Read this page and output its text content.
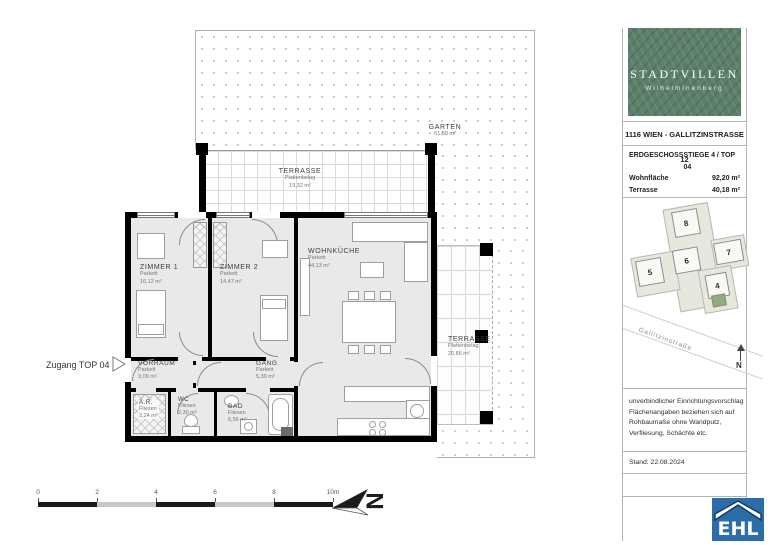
ZIMMER 1
Parkett
16,12 m²
ZIMMER 2
Parkett
14,47 m²
WOHNKÜCHE
Parkett
44,13 m²
VORRAUM
Parkett
3,09 m²
GANG
Parkett
5,39 m²
A.R.
Fliesen
2,24 m²
WC
Fliesen
2,30 m²
BAD
Fliesen
6,56 m²
TERRASSE
Plattenbelag
19,32 m²
TERRASSE
Plattenbelag
20,86 m²
GARTEN
61,58 m²
Zugang TOP 04
0	2	4	6	8	10m N
STADTVILLEN
Wilhelminenberg
1116 WIEN - GALLITZINSTRASSE 12
ERDGESCHOSS STIEGE 4 / TOP 04
Wohnfläche	92,20 m²
Terrasse	40,18 m²
8
6
5
7
4
Gallitzinstraße
N
unverbindlicher Einrichtungsvorschlag
Flächenangaben beziehen sich auf
Rohbaumaße ohne Wandputz,
Verfliesung, Schächte etc.
Stand: 22.08.2024
EHL
